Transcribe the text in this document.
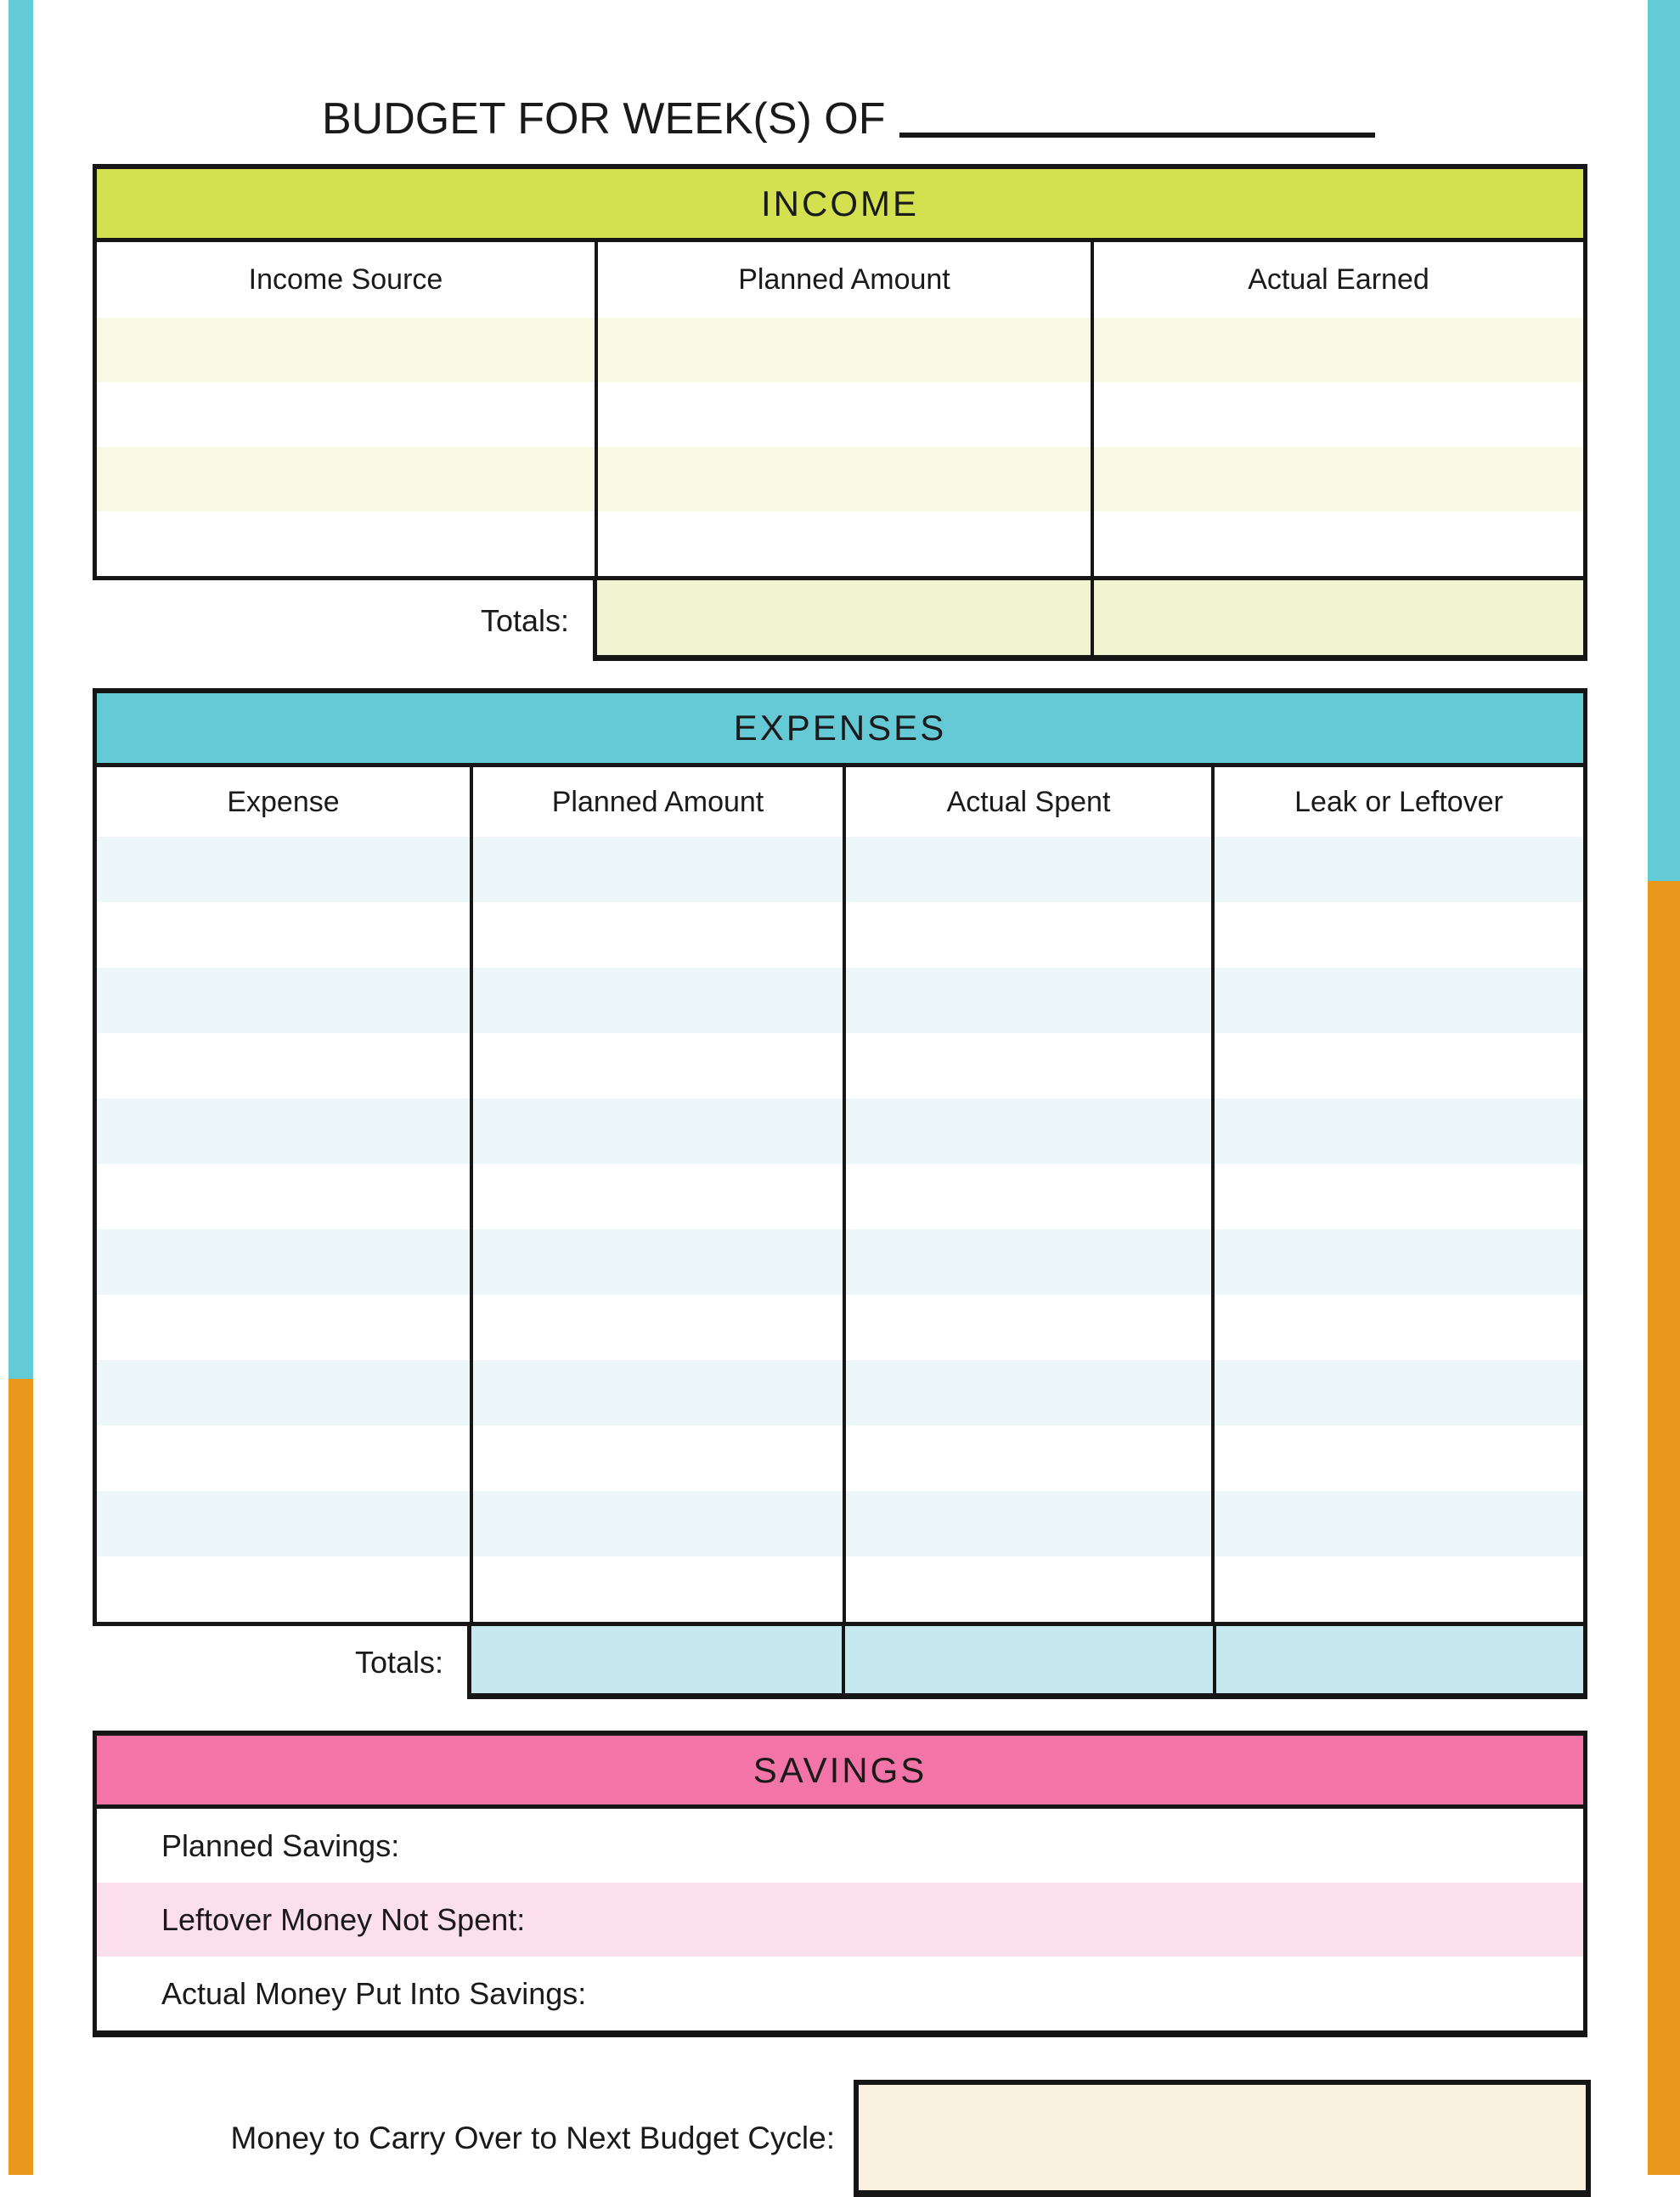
BUDGET FOR WEEK(S) OF
INCOME
Income Source	Planned Amount	Actual Earned
Totals:
EXPENSES
Expense	Planned Amount	Actual Spent	Leak or Leftover
Totals:
SAVINGS
Planned Savings:
Leftover Money Not Spent:
Actual Money Put Into Savings:
Money to Carry Over to Next Budget Cycle:
